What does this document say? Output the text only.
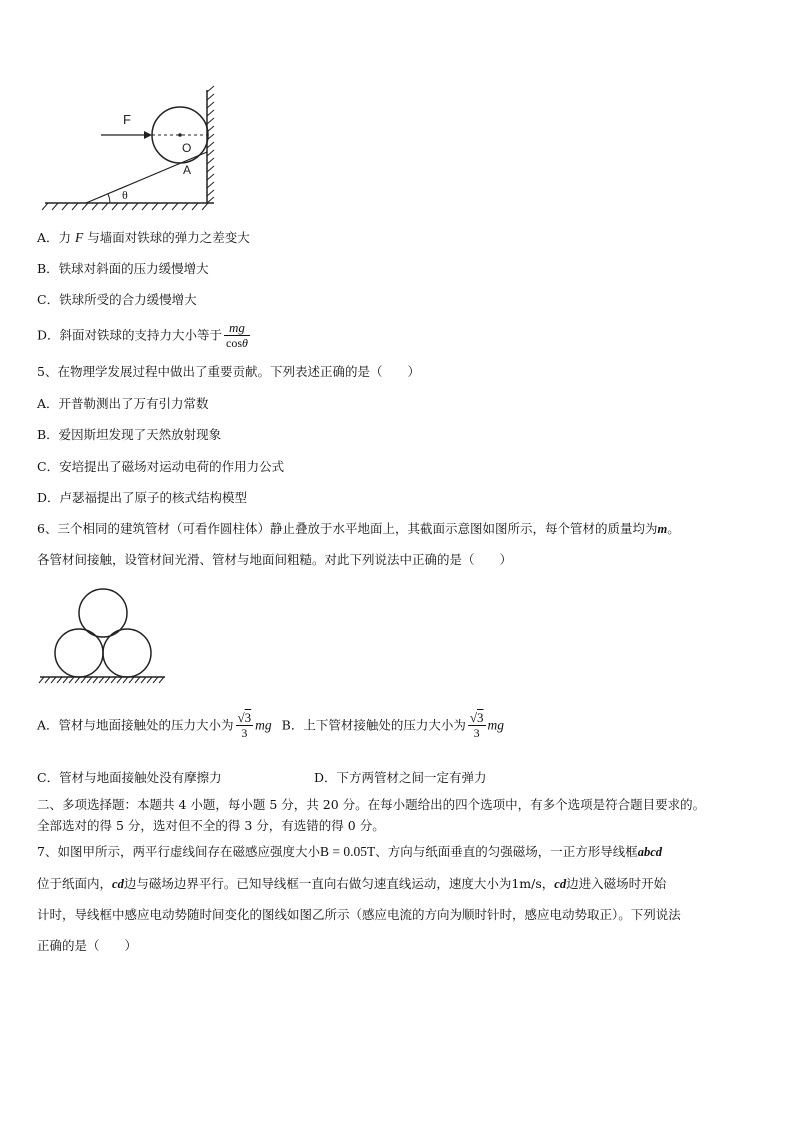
F
O
A
θ
A．力 F 与墙面对铁球的弹力之差变大
B．铁球对斜面的压力缓慢增大
C．铁球所受的合力缓慢增大
D．斜面对铁球的支持力大小等于 $\frac{mg}{\cos\theta}$
5、在物理学发展过程中做出了重要贡献。下列表述正确的是（　　）
A．开普勒测出了万有引力常数
B．爱因斯坦发现了天然放射现象
C．安培提出了磁场对运动电荷的作用力公式
D．卢瑟福提出了原子的核式结构模型
6、三个相同的建筑管材（可看作圆柱体）静止叠放于水平地面上，其截面示意图如图所示，每个管材的质量均为m。
各管材间接触，设管材间光滑、管材与地面间粗糙。对此下列说法中正确的是（　　）
A．管材与地面接触处的压力大小为 $\frac{√3}{3}$ mg B．上下管材接触处的压力大小为 $\frac{√3}{3}$ mg
C．管材与地面接触处没有摩擦力	D．下方两管材之间一定有弹力
二、多项选择题：本题共 4 小题，每小题 5 分，共 20 分。在每小题给出的四个选项中，有多个选项是符合题目要求的。
全部选对的得 5 分，选对但不全的得 3 分，有选错的得 0 分。
7、如图甲所示，两平行虚线间存在磁感应强度大小B = 0.05T、方向与纸面垂直的匀强磁场，一正方形导线框abcd
位于纸面内，cd边与磁场边界平行。已知导线框一直向右做匀速直线运动，速度大小为1m/s，cd边进入磁场时开始
计时，导线框中感应电动势随时间变化的图线如图乙所示（感应电流的方向为顺时针时，感应电动势取正）。下列说法
正确的是（　　）
